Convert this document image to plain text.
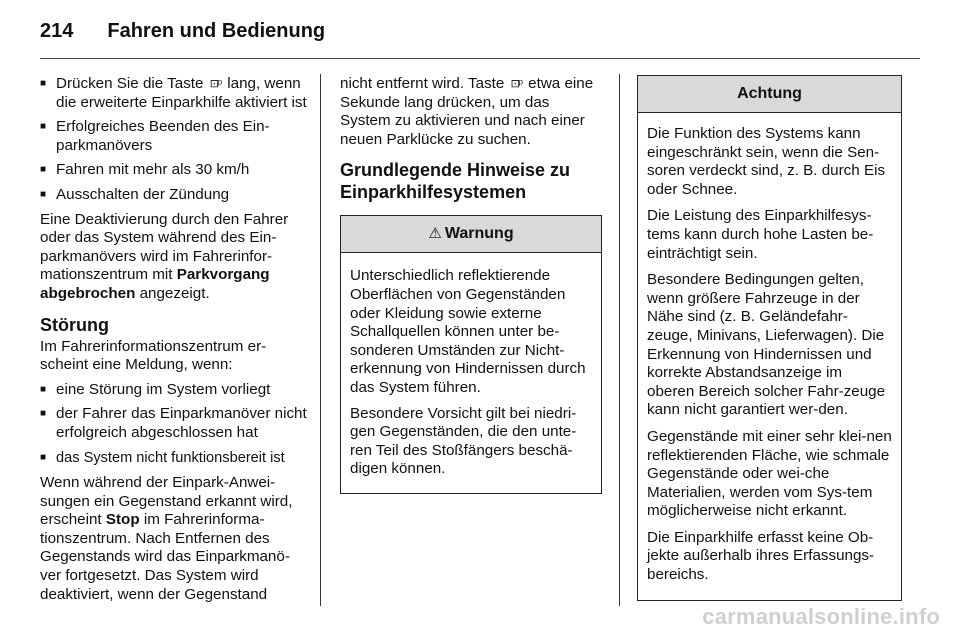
214 Fahren und Bedienung
■ Drücken Sie die Taste ⊡ᵖ lang, wenn die erweiterte Einparkhilfe aktiviert ist
■ Erfolgreiches Beenden des Ein-parkmanövers
■ Fahren mit mehr als 30 km/h
■ Ausschalten der Zündung

Eine Deaktivierung durch den Fahrer oder das System während des Ein-parkmanövers wird im Fahrerinfor-mationszentrum mit Parkvorgang abgebrochen angezeigt.

Störung

Im Fahrerinformationszentrum er-scheint eine Meldung, wenn:

■ eine Störung im System vorliegt
■ der Fahrer das Einparkmanöver nicht erfolgreich abgeschlossen hat
■ das System nicht funktionsbereit ist

Wenn während der Einpark-Anwei-sungen ein Gegenstand erkannt wird, erscheint Stop im Fahrerinforma-tionszentrum. Nach Entfernen des Gegenstands wird das Einparkmanö-ver fortgesetzt. Das System wird deaktiviert, wenn der Gegenstand

nicht entfernt wird. Taste ⊡ᵖ etwa eine Sekunde lang drücken, um das System zu aktivieren und nach einer neuen Parklücke zu suchen.

Grundlegende Hinweise zu Einparkhilfesystemen
⚠ Warnung

Unterschiedlich reflektierende Oberflächen von Gegenständen oder Kleidung sowie externe Schallquellen können unter be-sonderen Umständen zur Nicht-erkennung von Hindernissen durch das System führen.

Besondere Vorsicht gilt bei niedri-gen Gegenständen, die den unte-ren Teil des Stoßfängers beschä-digen können.

Achtung

Die Funktion des Systems kann eingeschränkt sein, wenn die Sen-soren verdeckt sind, z. B. durch Eis oder Schnee.

Die Leistung des Einparkhilfesys-tems kann durch hohe Lasten be-einträchtigt sein.

Besondere Bedingungen gelten, wenn größere Fahrzeuge in der Nähe sind (z. B. Geländefahr-zeuge, Minivans, Lieferwagen). Die Erkennung von Hindernissen und korrekte Abstandsanzeige im oberen Bereich solcher Fahr-zeuge kann nicht garantiert wer-den.

Gegenstände mit einer sehr klei-nen reflektierenden Fläche, wie schmale Gegenstände oder wei-che Materialien, werden vom Sys-tem möglicherweise nicht erkannt.

Die Einparkhilfe erfasst keine Ob-jekte außerhalb ihres Erfassungs-bereichs.

carmanualsonline.info
